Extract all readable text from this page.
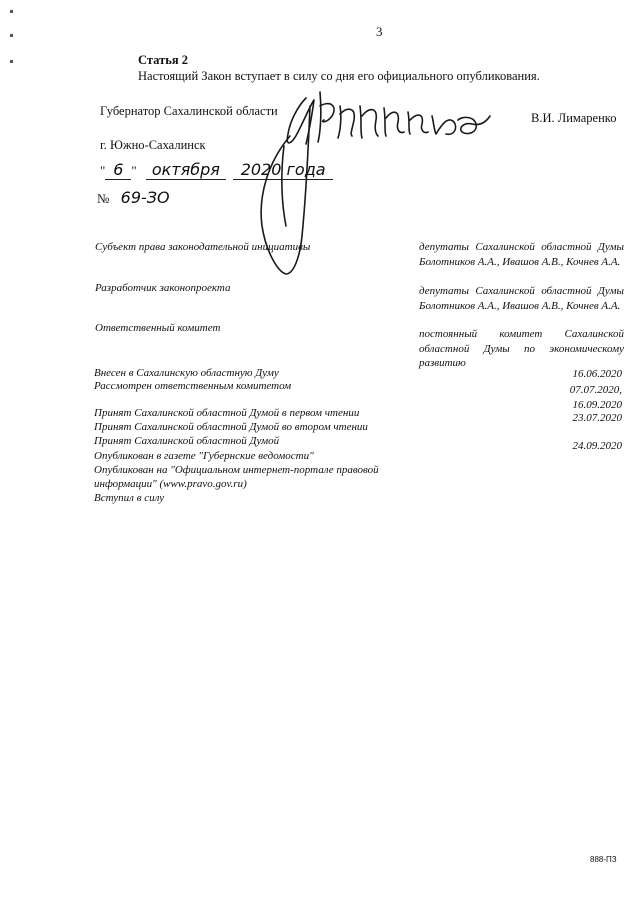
3
Статья 2
Настоящий Закон вступает в силу со дня его официального опубликования.
Губернатор Сахалинской области	В.И. Лимаренко
г. Южно-Сахалинск
" 6 " октября 2020 года
№ 69-ЗО
Субъект права законодательной инициативы	депутаты Сахалинской областной Думы Болотников А.А., Ивашов А.В., Кочнев А.А.
Разработчик законопроекта	депутаты Сахалинской областной Думы Болотников А.А., Ивашов А.В., Кочнев А.А.
Ответственный комитет	постоянный комитет Сахалинской областной Думы по экономическому развитию
Внесен в Сахалинскую областную Думу	16.06.2020
Рассмотрен ответственным комитетом	07.07.2020,
16.09.2020
Принят Сахалинской областной Думой в первом чтении	23.07.2020
Принят Сахалинской областной Думой во втором чтении
Принят Сахалинской областной Думой	24.09.2020
Опубликован в газете "Губернские ведомости"
Опубликован на "Официальном интернет-портале правовой
информации" (www.pravo.gov.ru)
Вступил в силу
888-ПЗ
